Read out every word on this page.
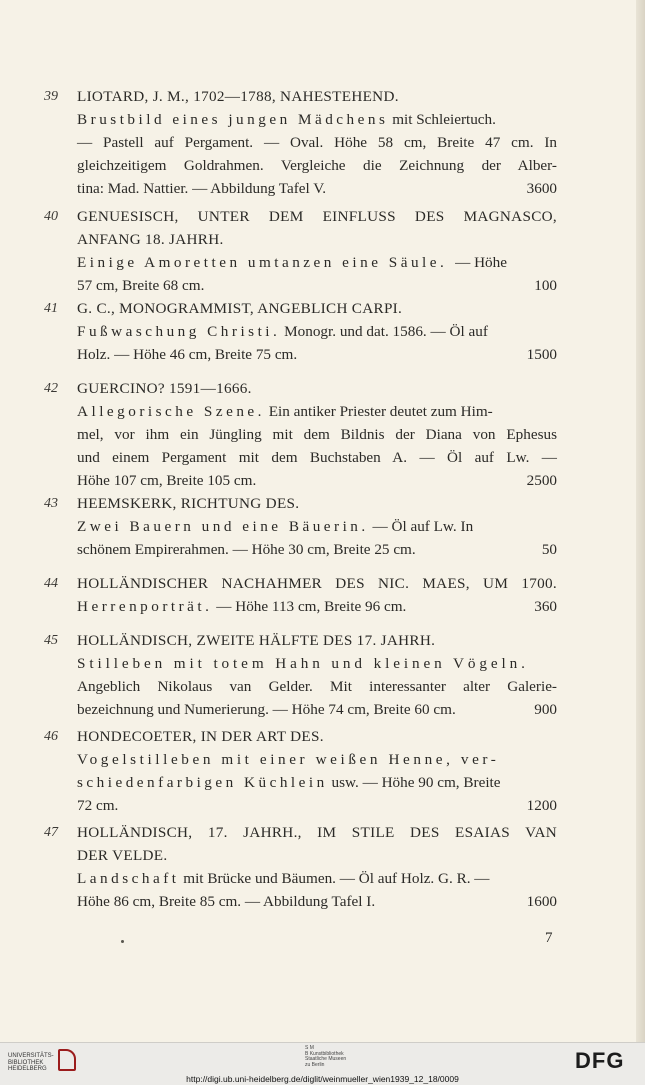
39	LIOTARD, J. M., 1702—1788, NAHESTEHEND.
Brustbild eines jungen Mädchens mit Schleiertuch.
— Pastell auf Pergament. — Oval. Höhe 58 cm, Breite 47 cm. In
gleichzeitigem Goldrahmen. Vergleiche die Zeichnung der Alber-
tina: Mad. Nattier. — Abbildung Tafel V.	3600
40	GENUESISCH, UNTER DEM EINFLUSS DES MAGNASCO,
ANFANG 18. JAHRH.
Einige Amoretten umtanzen eine Säule. — Höhe
57 cm, Breite 68 cm.	100
41	G. C., MONOGRAMMIST, ANGEBLICH CARPI.
Fußwaschung Christi. Monogr. und dat. 1586. — Öl auf
Holz. — Höhe 46 cm, Breite 75 cm.	1500
42	GUERCINO? 1591—1666.
Allegorische Szene. Ein antiker Priester deutet zum Him-
mel, vor ihm ein Jüngling mit dem Bildnis der Diana von Ephesus
und einem Pergament mit dem Buchstaben A. — Öl auf Lw. —
Höhe 107 cm, Breite 105 cm.	2500
43	HEEMSKERK, RICHTUNG DES.
Zwei Bauern und eine Bäuerin. — Öl auf Lw. In
schönem Empirerahmen. — Höhe 30 cm, Breite 25 cm.	50
44	HOLLÄNDISCHER NACHAHMER DES NIC. MAES, UM 1700.
Herrenporträt. — Höhe 113 cm, Breite 96 cm.	360
45	HOLLÄNDISCH, ZWEITE HÄLFTE DES 17. JAHRH.
Stilleben mit totem Hahn und kleinen Vögeln.
Angeblich Nikolaus van Gelder. Mit interessanter alter Galerie-
bezeichnung und Numerierung. — Höhe 74 cm, Breite 60 cm.	900
46	HONDECOETER, IN DER ART DES.
Vogelstilleben mit einer weißen Henne, ver-
schiedenfarbigen Küchlein usw. — Höhe 90 cm, Breite
72 cm.	1200
47	HOLLÄNDISCH, 17. JAHRH., IM STILE DES ESAIAS VAN
DER VELDE.
Landschaft mit Brücke und Bäumen. — Öl auf Holz. G. R. —
Höhe 86 cm, Breite 85 cm. — Abbildung Tafel I.	1600
7
UNIVERSITÄTS-
BIBLIOTHEK
HEIDELBERG
S M
B Kunstbibliothek
Staatliche Museen
zu Berlin	DFG
http://digi.ub.uni-heidelberg.de/diglit/weinmueller_wien1939_12_18/0009
